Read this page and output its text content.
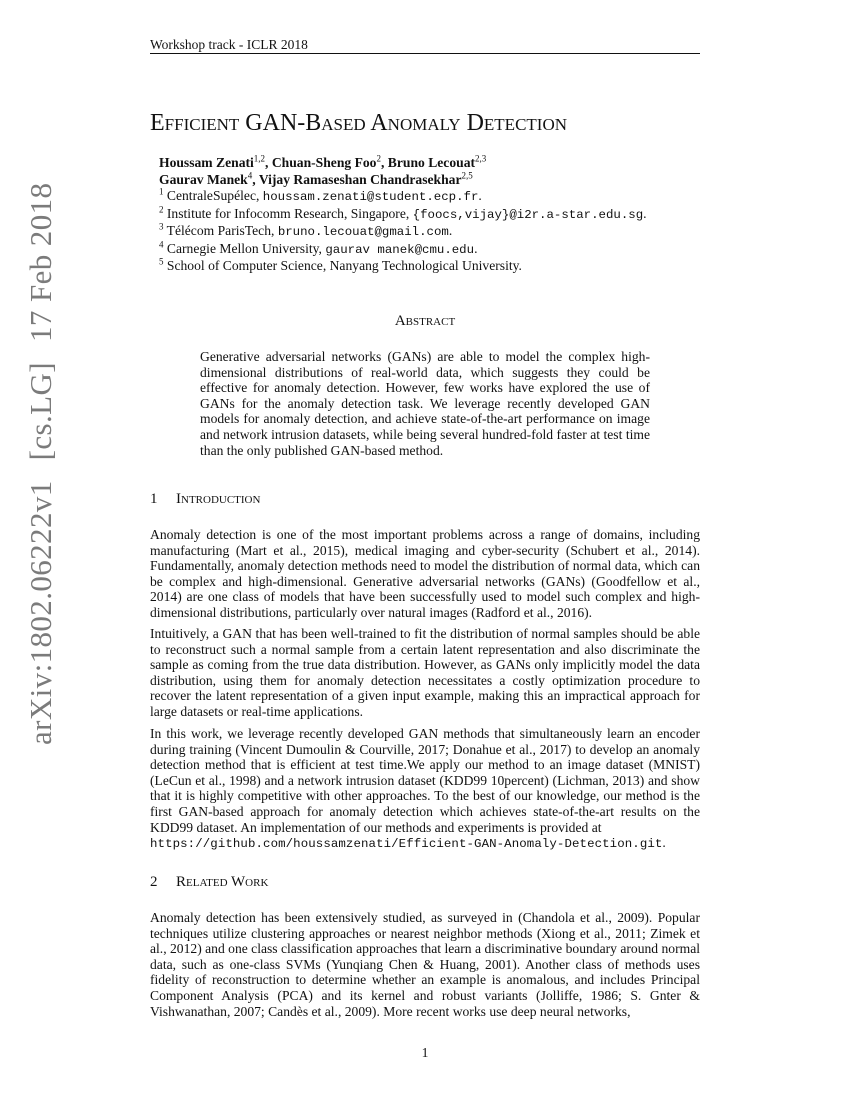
Workshop track - ICLR 2018
arXiv:1802.06222v1[cs.LG]17 Feb 2018
Efficient GAN-Based Anomaly Detection
Houssam Zenati$^{1,2}$, Chuan-Sheng Foo$^2$, Bruno Lecouat$^{2,3}$
Gaurav Manek$^4$, Vijay Ramaseshan Chandrasekhar$^{2,5}$
$^1$ CentraleSupélec, houssam.zenati@student.ecp.fr.
$^2$ Institute for Infocomm Research, Singapore, {foocs,vijay}@i2r.a-star.edu.sg.
$^3$ Télécom ParisTech, bruno.lecouat@gmail.com.
$^4$ Carnegie Mellon University, gaurav manek@cmu.edu.
$^5$ School of Computer Science, Nanyang Technological University.
Abstract

Generative adversarial networks (GANs) are able to model the complex high-dimensional distributions of real-world data, which suggests they could be effective for anomaly detection. However, few works have explored the use of GANs for the anomaly detection task. We leverage recently developed GAN models for anomaly detection, and achieve state-of-the-art performance on image and network intrusion datasets, while being several hundred-fold faster at test time than the only published GAN-based method.

1 Introduction

Anomaly detection is one of the most important problems across a range of domains, including manufacturing (Mart et al., 2015), medical imaging and cyber-security (Schubert et al., 2014). Fundamentally, anomaly detection methods need to model the distribution of normal data, which can be complex and high-dimensional. Generative adversarial networks (GANs) (Goodfellow et al., 2014) are one class of models that have been successfully used to model such complex and high-dimensional distributions, particularly over natural images (Radford et al., 2016).

Intuitively, a GAN that has been well-trained to fit the distribution of normal samples should be able to reconstruct such a normal sample from a certain latent representation and also discriminate the sample as coming from the true data distribution. However, as GANs only implicitly model the data distribution, using them for anomaly detection necessitates a costly optimization procedure to recover the latent representation of a given input example, making this an impractical approach for large datasets or real-time applications.

In this work, we leverage recently developed GAN methods that simultaneously learn an encoder during training (Vincent Dumoulin & Courville, 2017; Donahue et al., 2017) to develop an anomaly detection method that is efficient at test time.We apply our method to an image dataset (MNIST) (LeCun et al., 1998) and a network intrusion dataset (KDD99 10percent) (Lichman, 2013) and show that it is highly competitive with other approaches. To the best of our knowledge, our method is the first GAN-based approach for anomaly detection which achieves state-of-the-art results on the KDD99 dataset. An implementation of our methods and experiments is provided at
https://github.com/houssamzenati/Efficient-GAN-Anomaly-Detection.git.
2 Related Work

Anomaly detection has been extensively studied, as surveyed in (Chandola et al., 2009). Popular techniques utilize clustering approaches or nearest neighbor methods (Xiong et al., 2011; Zimek et al., 2012) and one class classification approaches that learn a discriminative boundary around normal data, such as one-class SVMs (Yunqiang Chen & Huang, 2001). Another class of methods uses fidelity of reconstruction to determine whether an example is anomalous, and includes Principal Component Analysis (PCA) and its kernel and robust variants (Jolliffe, 1986; S. Gnter & Vishwanathan, 2007; Candès et al., 2009). More recent works use deep neural networks,

1
